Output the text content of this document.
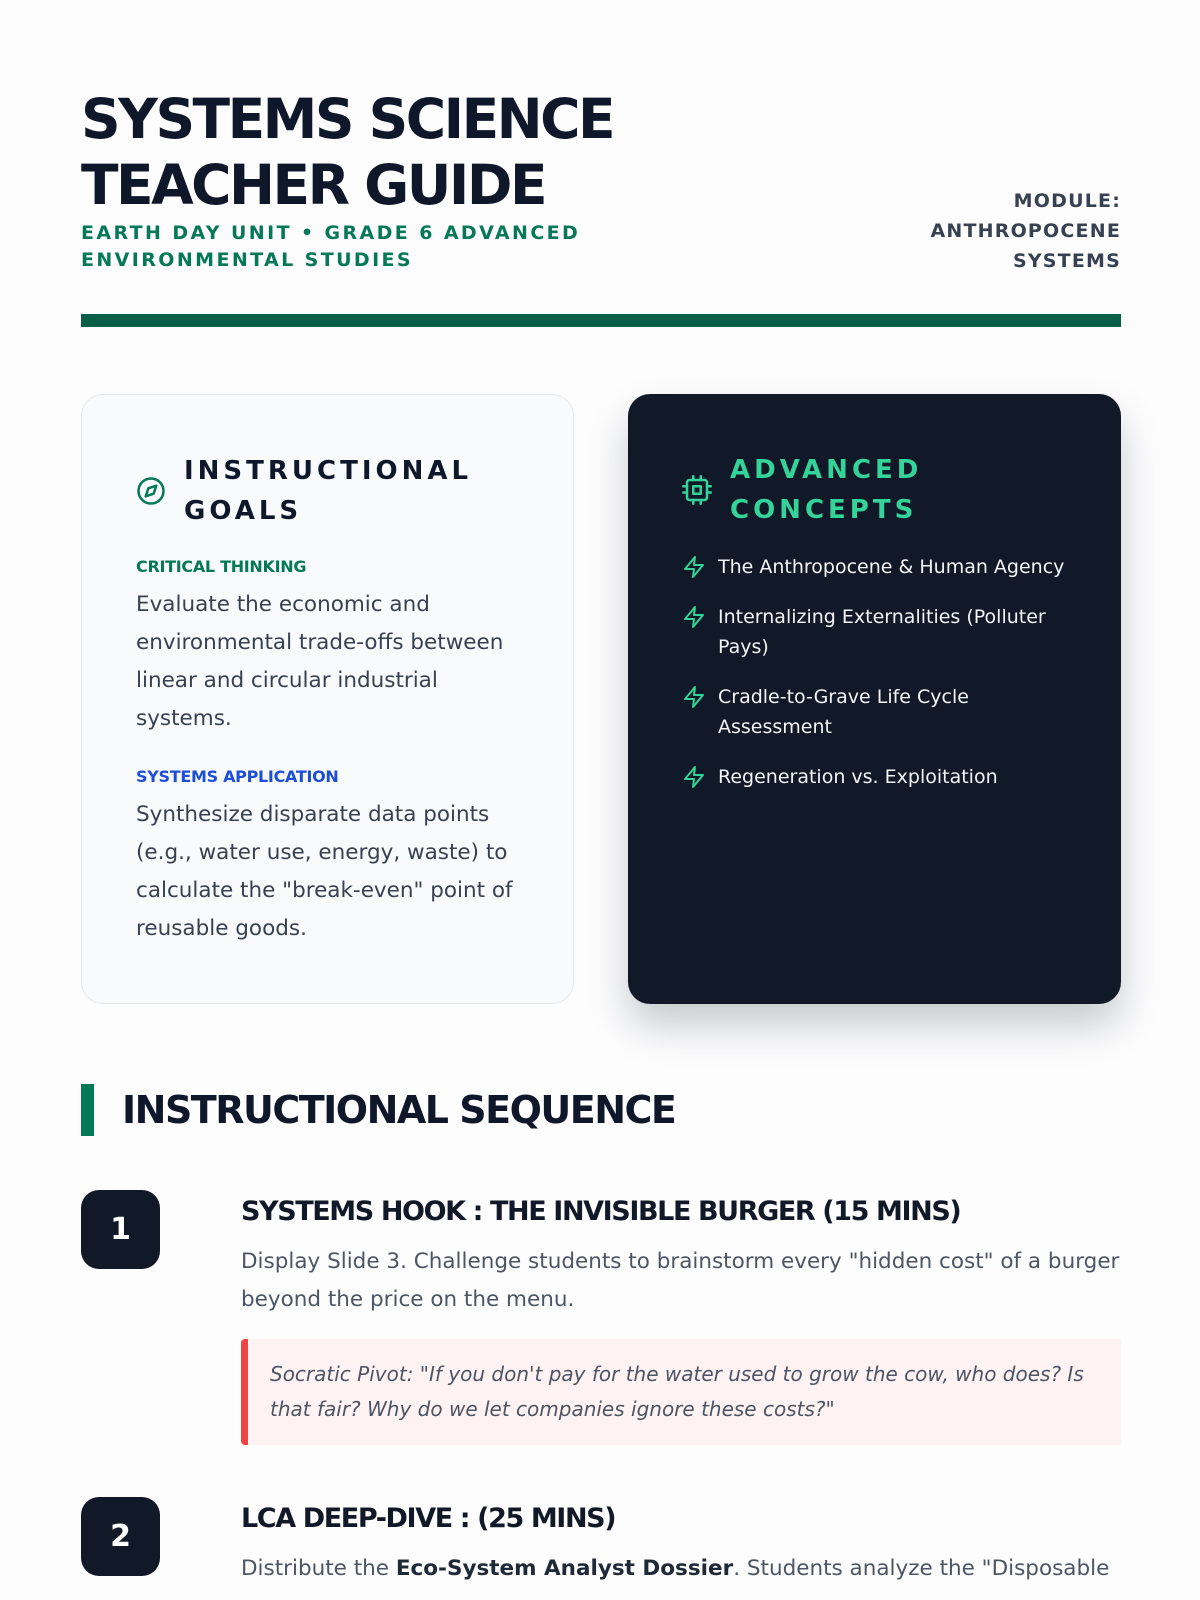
SYSTEMS SCIENCE
TEACHER GUIDE
EARTH DAY UNIT • GRADE 6 ADVANCED ENVIRONMENTAL STUDIES
MODULE:
ANTHROPOCENE
SYSTEMS
INSTRUCTIONAL
GOALS
CRITICAL THINKING

Evaluate the economic and environmental trade-offs between linear and circular industrial systems.

SYSTEMS APPLICATION

Synthesize disparate data points (e.g., water use, energy, waste) to calculate the "break-even" point of reusable goods.

ADVANCED
CONCEPTS
The Anthropocene & Human Agency
Internalizing Externalities (Polluter Pays)
Cradle-to-Grave Life Cycle Assessment
Regeneration vs. Exploitation
INSTRUCTIONAL SEQUENCE
1
SYSTEMS HOOK : THE INVISIBLE BURGER (15 MINS)

Display Slide 3. Challenge students to brainstorm every "hidden cost" of a burger beyond the price on the menu.

Socratic Pivot: "If you don't pay for the water used to grow the cow, who does? Is that fair? Why do we let companies ignore these costs?"
2
LCA DEEP-DIVE : (25 MINS)

Distribute the Eco-System Analyst Dossier. Students analyze the "Disposable
